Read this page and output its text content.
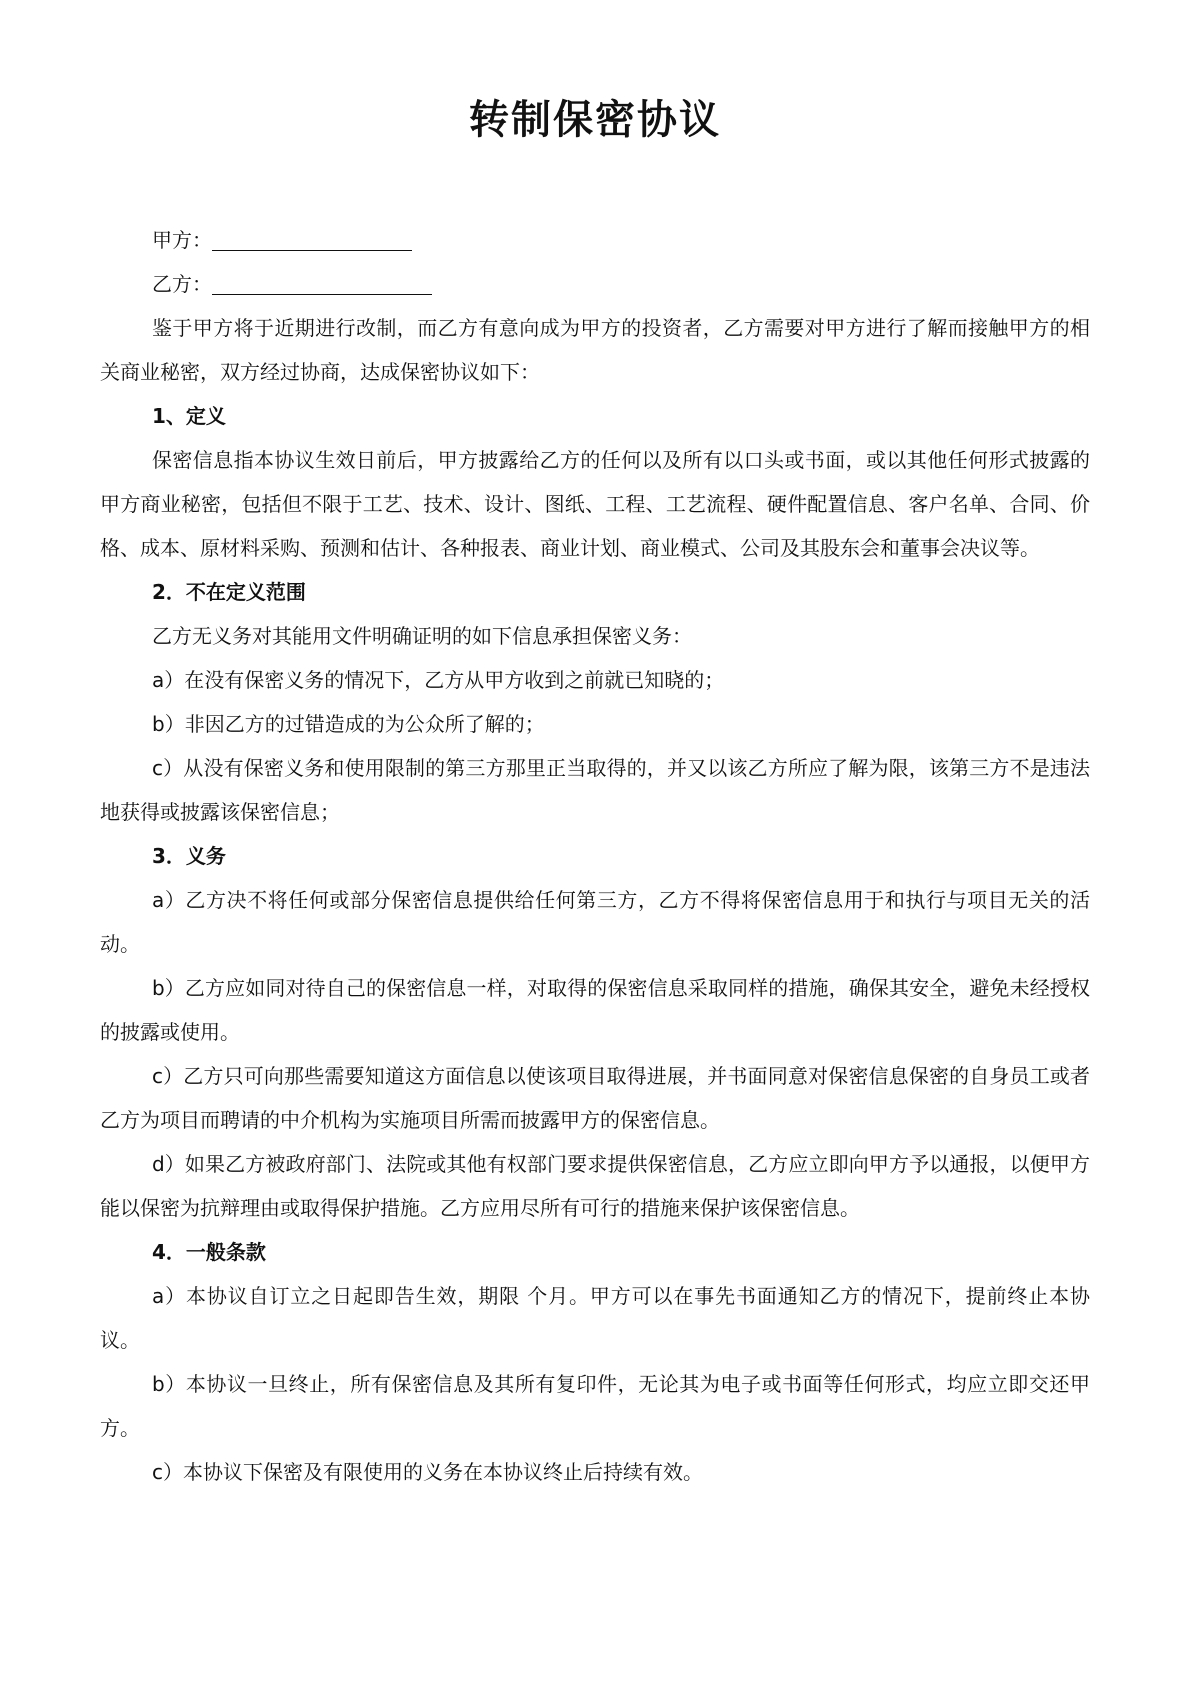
转制保密协议

甲方：

乙方：

鉴于甲方将于近期进行改制，而乙方有意向成为甲方的投资者，乙方需要对甲方进行了解而接触甲方的相关商业秘密，双方经过协商，达成保密协议如下：

1、定义

保密信息指本协议生效日前后，甲方披露给乙方的任何以及所有以口头或书面，或以其他任何形式披露的甲方商业秘密，包括但不限于工艺、技术、设计、图纸、工程、工艺流程、硬件配置信息、客户名单、合同、价格、成本、原材料采购、预测和估计、各种报表、商业计划、商业模式、公司及其股东会和董事会决议等。

2．不在定义范围

乙方无义务对其能用文件明确证明的如下信息承担保密义务：

a）在没有保密义务的情况下，乙方从甲方收到之前就已知晓的；

b）非因乙方的过错造成的为公众所了解的；

c）从没有保密义务和使用限制的第三方那里正当取得的，并又以该乙方所应了解为限，该第三方不是违法地获得或披露该保密信息；

3．义务

a）乙方决不将任何或部分保密信息提供给任何第三方，乙方不得将保密信息用于和执行与项目无关的活动。

b）乙方应如同对待自己的保密信息一样，对取得的保密信息采取同样的措施，确保其安全，避免未经授权的披露或使用。

c）乙方只可向那些需要知道这方面信息以使该项目取得进展，并书面同意对保密信息保密的自身员工或者乙方为项目而聘请的中介机构为实施项目所需而披露甲方的保密信息。

d）如果乙方被政府部门、法院或其他有权部门要求提供保密信息，乙方应立即向甲方予以通报，以便甲方能以保密为抗辩理由或取得保护措施。乙方应用尽所有可行的措施来保护该保密信息。

4．一般条款

a）本协议自订立之日起即告生效，期限 个月。甲方可以在事先书面通知乙方的情况下，提前终止本协议。

b）本协议一旦终止，所有保密信息及其所有复印件，无论其为电子或书面等任何形式，均应立即交还甲方。

c）本协议下保密及有限使用的义务在本协议终止后持续有效。
